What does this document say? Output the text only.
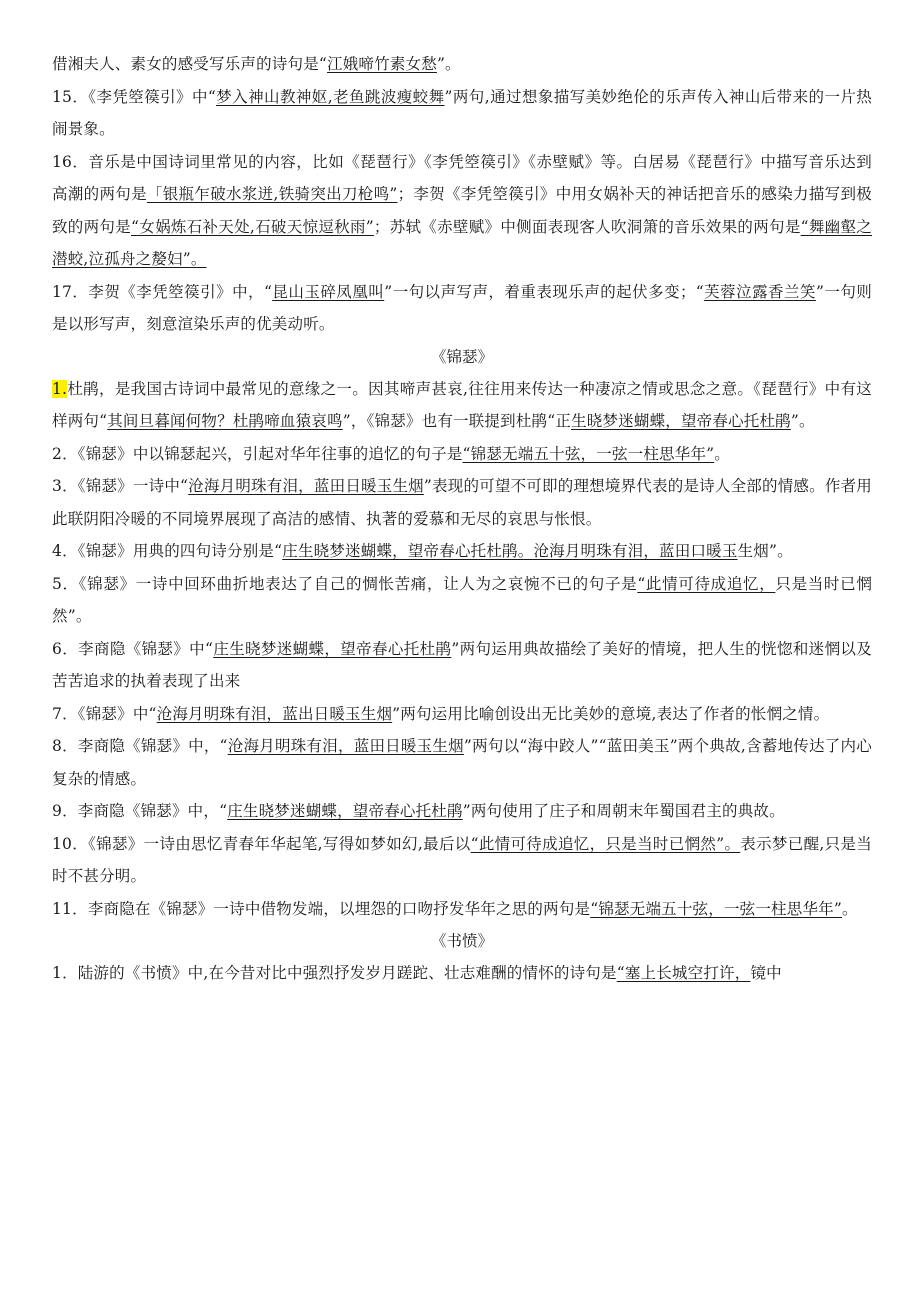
借湘夫人、素女的感受写乐声的诗句是“江娥啼竹素女愁”。

15．《李凭箜篌引》中“梦入神山教神妪,老鱼跳波瘦蛟舞”两句,通过想象描写美妙绝伦的乐声传入神山后带来的一片热闹景象。

16．音乐是中国诗词里常见的内容，比如《琵琶行》《李凭箜篌引》《赤壁赋》等。白居易《琵琶行》中描写音乐达到高潮的两句是「银瓶乍破水浆迸,铁骑突出刀枪鸣”；李贺《李凭箜篌引》中用女娲补天的神话把音乐的感染力描写到极致的两句是“女娲炼石补天处,石破天惊逗秋雨”；苏轼《赤壁赋》中侧面表现客人吹洞箫的音乐效果的两句是“舞幽壑之潜蛟,泣孤舟之嫠妇”。

17．李贺《李凭箜篌引》中，“昆山玉碎凤凰叫”一句以声写声，着重表现乐声的起伏多变；“芙蓉泣露香兰笑”一句则是以形写声，刻意渲染乐声的优美动听。

《锦瑟》

1.杜鹃，是我国古诗词中最常见的意缘之一。因其啼声甚哀,往往用来传达一种凄凉之情或思念之意。《琵琶行》中有这样两句“其间旦暮闻何物？杜鹃啼血猿哀鸣”，《锦瑟》也有一联提到杜鹃“正生晓梦迷蝴蝶，望帝春心托杜鹃”。

2．《锦瑟》中以锦瑟起兴，引起对华年往事的追忆的句子是“锦瑟无端五十弦，一弦一柱思华年”。

3．《锦瑟》一诗中“沧海月明珠有泪，蓝田日暖玉生烟”表现的可望不可即的理想境界代表的是诗人全部的情感。作者用此联阴阳冷暖的不同境界展现了高洁的感情、执著的爱慕和无尽的哀思与怅恨。

4．《锦瑟》用典的四句诗分别是“庄生晓梦迷蝴蝶，望帝春心托杜鹃。沧海月明珠有泪，蓝田口暖玉生烟”。

5．《锦瑟》一诗中回环曲折地表达了自己的惆怅苦痛，让人为之哀惋不已的句子是“此情可待成追忆，只是当时已惘然”。

6．李商隐《锦瑟》中“庄生晓梦迷蝴蝶，望帝春心托杜鹃”两句运用典故描绘了美好的情境，把人生的恍惚和迷惘以及苦苦追求的执着表现了出来

7．《锦瑟》中“沧海月明珠有泪，蓝出日暖玉生烟”两句运用比喻创设出无比美妙的意境,表达了作者的怅惘之情。

8．李商隐《锦瑟》中，“沧海月明珠有泪，蓝田日暖玉生烟”两句以“海中跤人”“蓝田美玉”两个典故,含蓄地传达了内心复杂的情感。

9．李商隐《锦瑟》中，“庄生晓梦迷蝴蝶，望帝春心托杜鹃”两句使用了庄子和周朝末年蜀国君主的典故。

10．《锦瑟》一诗由思忆青春年华起笔,写得如梦如幻,最后以“此情可待成追忆，只是当时已惘然”。表示梦已醒,只是当时不甚分明。

11．李商隐在《锦瑟》一诗中借物发端，以埋怨的口吻抒发华年之思的两句是“锦瑟无端五十弦，一弦一柱思华年”。

《书愤》

1．陆游的《书愤》中,在今昔对比中强烈抒发岁月蹉跎、壮志难酬的情怀的诗句是“塞上长城空打许，镜中
